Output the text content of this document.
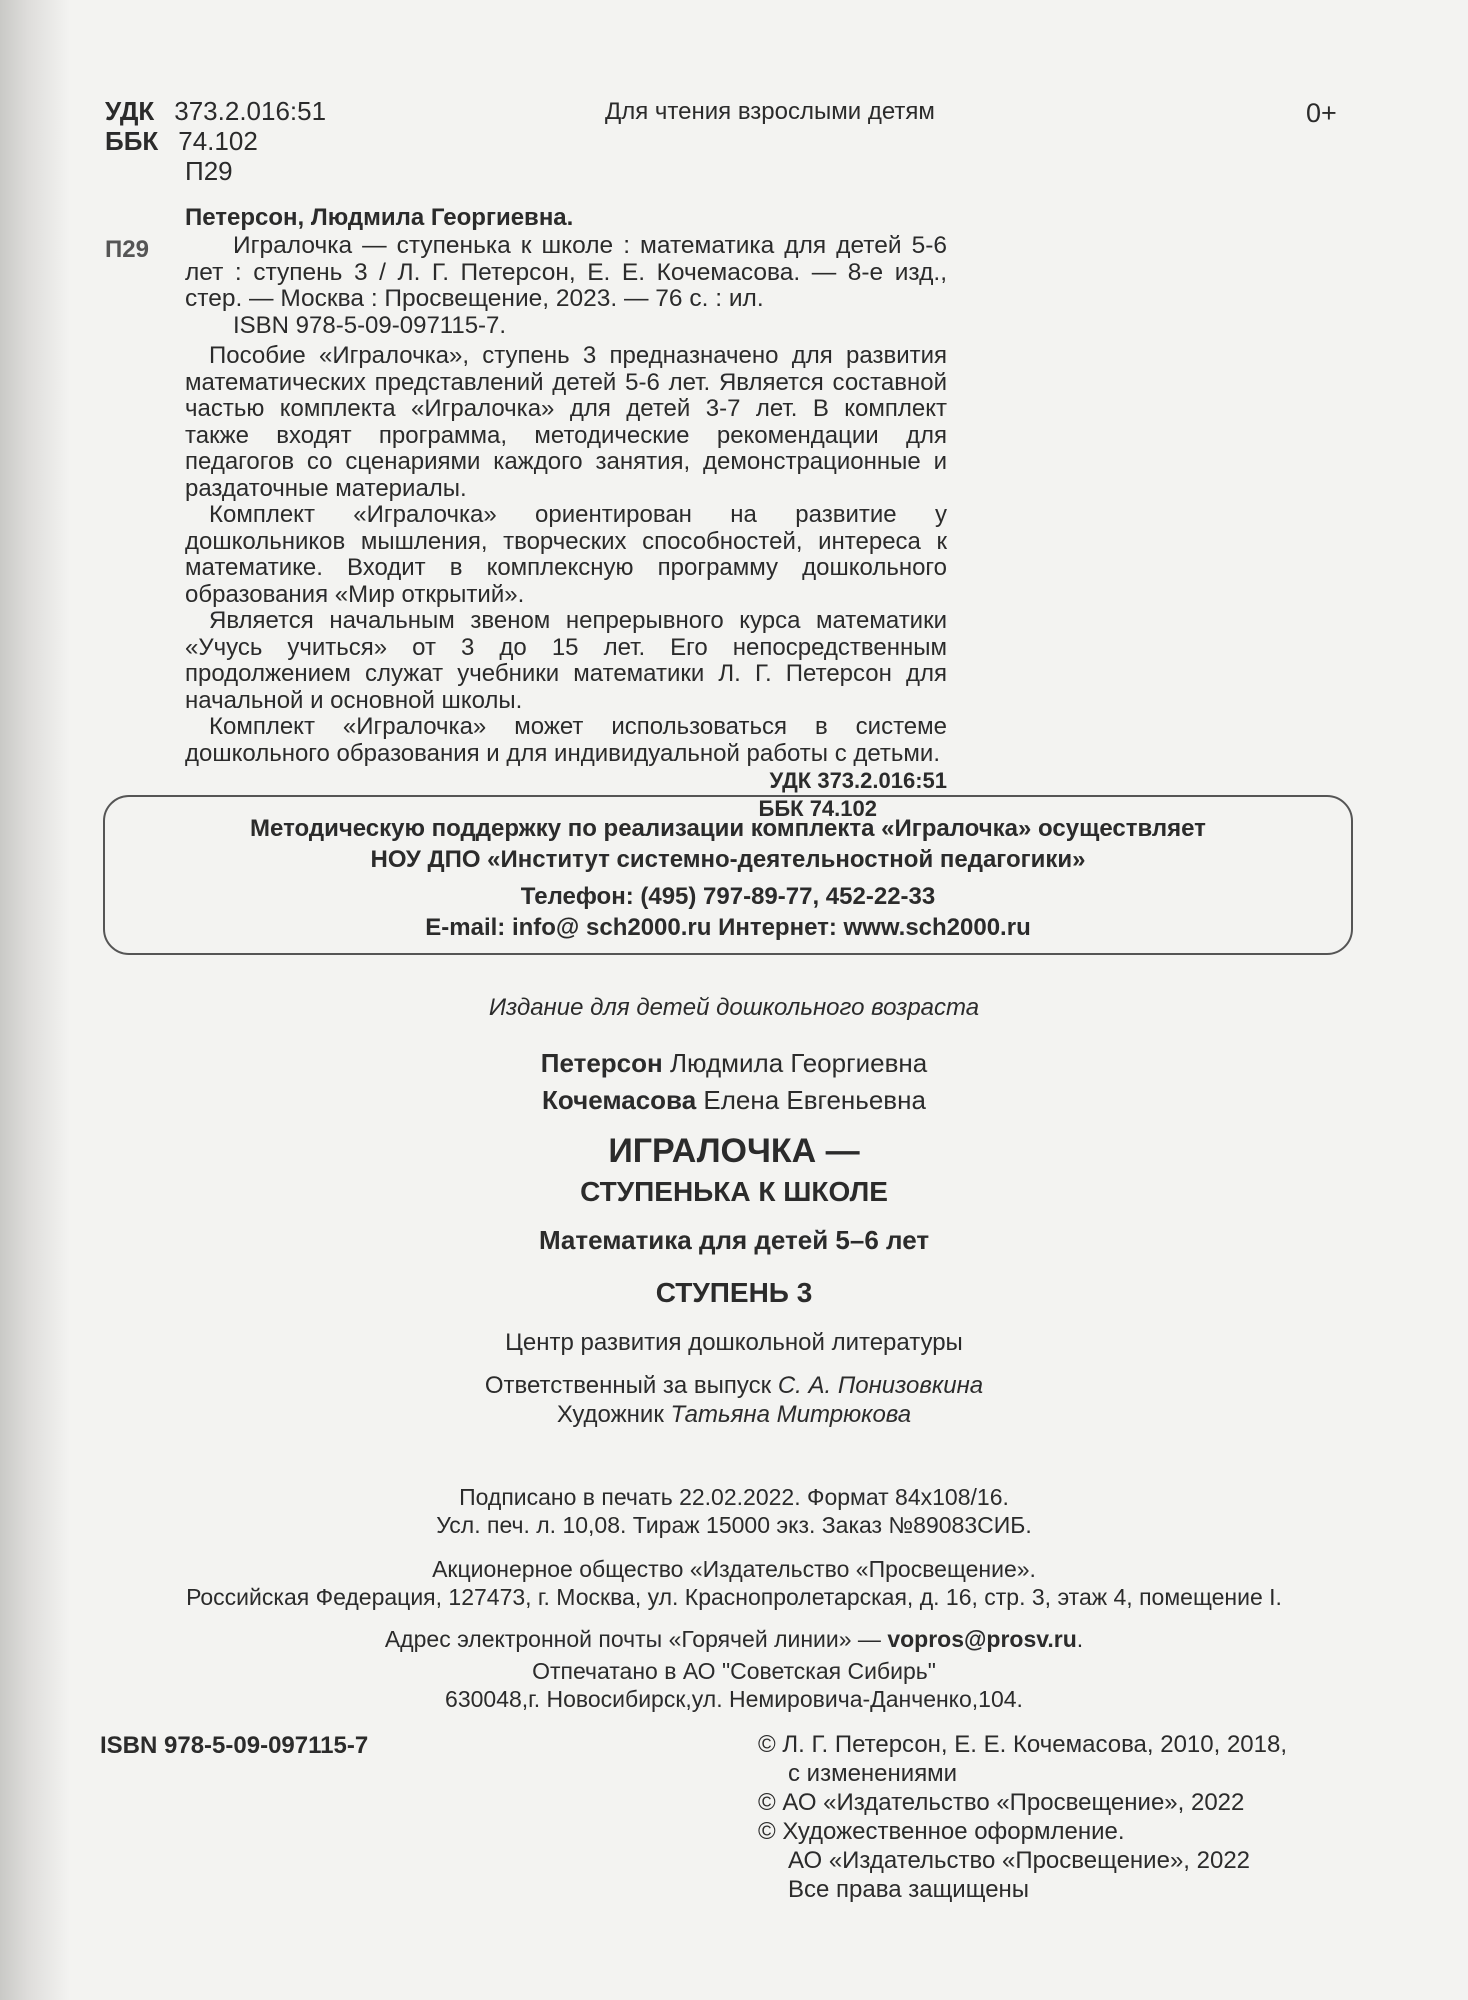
УДК 373.2.016:51
ББК 74.102
П29
Для чтения взрослыми детям	0+
Петерсон, Людмила Георгиевна.
П29	Игралочка — ступенька к школе : математика для детей 5-6 лет : ступень 3 / Л. Г. Петерсон, Е. Е. Кочемасова. — 8-е изд., стер. — Москва : Просвещение, 2023. — 76 с. : ил.

ISBN 978-5-09-097115-7.

Пособие «Игралочка», ступень 3 предназначено для развития математических представлений детей 5-6 лет. Является составной частью комплекта «Игралочка» для детей 3-7 лет. В комплект также входят программа, методические рекомендации для педагогов со сценариями каждого занятия, демонстрационные и раздаточные материалы.

Комплект «Игралочка» ориентирован на развитие у дошкольников мышления, творческих способностей, интереса к математике. Входит в комплексную программу дошкольного образования «Мир открытий».

Является начальным звеном непрерывного курса математики «Учусь учиться» от 3 до 15 лет. Его непосредственным продолжением служат учебники математики Л. Г. Петерсон для начальной и основной школы.

Комплект «Игралочка» может использоваться в системе дошкольного образования и для индивидуальной работы с детьми.

УДК 373.2.016:51
ББК 74.102
Методическую поддержку по реализации комплекта «Игралочка» осуществляет
НОУ ДПО «Институт системно-деятельностной педагогики»
Телефон: (495) 797-89-77, 452-22-33
E-mail: info@ sch2000.ru Интернет: www.sch2000.ru
Издание для детей дошкольного возраста
Петерсон Людмила Георгиевна
Кочемасова Елена Евгеньевна
ИГРАЛОЧКА —
СТУПЕНЬКА К ШКОЛЕ
Математика для детей 5–6 лет
СТУПЕНЬ 3
Центр развития дошкольной литературы
Ответственный за выпуск С. А. Понизовкина
Художник Татьяна Митрюкова
Подписано в печать 22.02.2022. Формат 84x108/16.
Усл. печ. л. 10,08. Тираж 15000 экз. Заказ №89083СИБ.
Акционерное общество «Издательство «Просвещение».
Российская Федерация, 127473, г. Москва, ул. Краснопролетарская, д. 16, стр. 3, этаж 4, помещение I.
Адрес электронной почты «Горячей линии» — vopros@prosv.ru.
Отпечатано в АО "Советская Сибирь"
630048,г. Новосибирск,ул. Немировича-Данченко,104.
ISBN 978-5-09-097115-7	© Л. Г. Петерсон, Е. Е. Кочемасова, 2010, 2018,
с изменениями
© АО «Издательство «Просвещение», 2022
© Художественное оформление.
АО «Издательство «Просвещение», 2022
Все права защищены
